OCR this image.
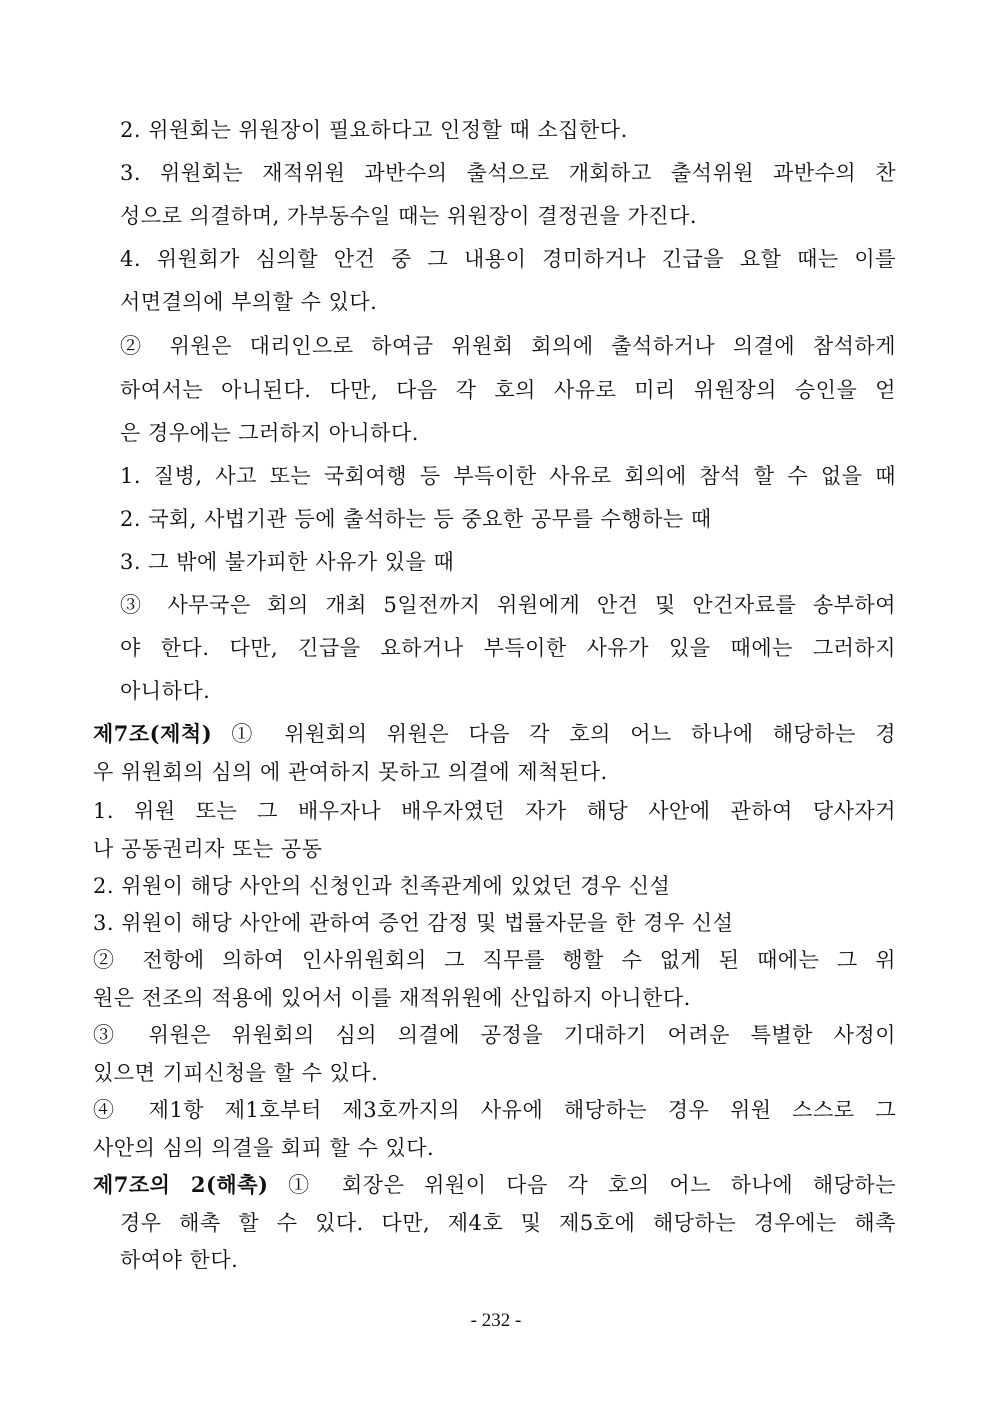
2. 위원회는 위원장이 필요하다고 인정할 때 소집한다.
3. 위원회는 재적위원 과반수의 출석으로 개회하고 출석위원 과반수의 찬
성으로 의결하며, 가부동수일 때는 위원장이 결정권을 가진다.
4. 위원회가 심의할 안건 중 그 내용이 경미하거나 긴급을 요할 때는 이를
서면결의에 부의할 수 있다.
② 위원은 대리인으로 하여금 위원회 회의에 출석하거나 의결에 참석하게
하여서는 아니된다. 다만, 다음 각 호의 사유로 미리 위원장의 승인을 얻
은 경우에는 그러하지 아니하다.
1. 질병, 사고 또는 국회여행 등 부득이한 사유로 회의에 참석 할 수 없을 때
2. 국회, 사법기관 등에 출석하는 등 중요한 공무를 수행하는 때
3. 그 밖에 불가피한 사유가 있을 때
③ 사무국은 회의 개최 5일전까지 위원에게 안건 및 안건자료를 송부하여
야 한다. 다만, 긴급을 요하거나 부득이한 사유가 있을 때에는 그러하지
아니하다.
제7조(제척) ① 위원회의 위원은 다음 각 호의 어느 하나에 해당하는 경
우 위원회의 심의 에 관여하지 못하고 의결에 제척된다.
1. 위원 또는 그 배우자나 배우자였던 자가 해당 사안에 관하여 당사자거
나 공동권리자 또는 공동
2. 위원이 해당 사안의 신청인과 친족관계에 있었던 경우 신설
3. 위원이 해당 사안에 관하여 증언 감정 및 법률자문을 한 경우 신설
② 전항에 의하여 인사위원회의 그 직무를 행할 수 없게 된 때에는 그 위
원은 전조의 적용에 있어서 이를 재적위원에 산입하지 아니한다.
③ 위원은 위원회의 심의 의결에 공정을 기대하기 어려운 특별한 사정이
있으면 기피신청을 할 수 있다.
④ 제1항 제1호부터 제3호까지의 사유에 해당하는 경우 위원 스스로 그
사안의 심의 의결을 회피 할 수 있다.
제7조의 2(해촉) ① 회장은 위원이 다음 각 호의 어느 하나에 해당하는
경우 해촉 할 수 있다. 다만, 제4호 및 제5호에 해당하는 경우에는 해촉
하여야 한다.
- 232 -
